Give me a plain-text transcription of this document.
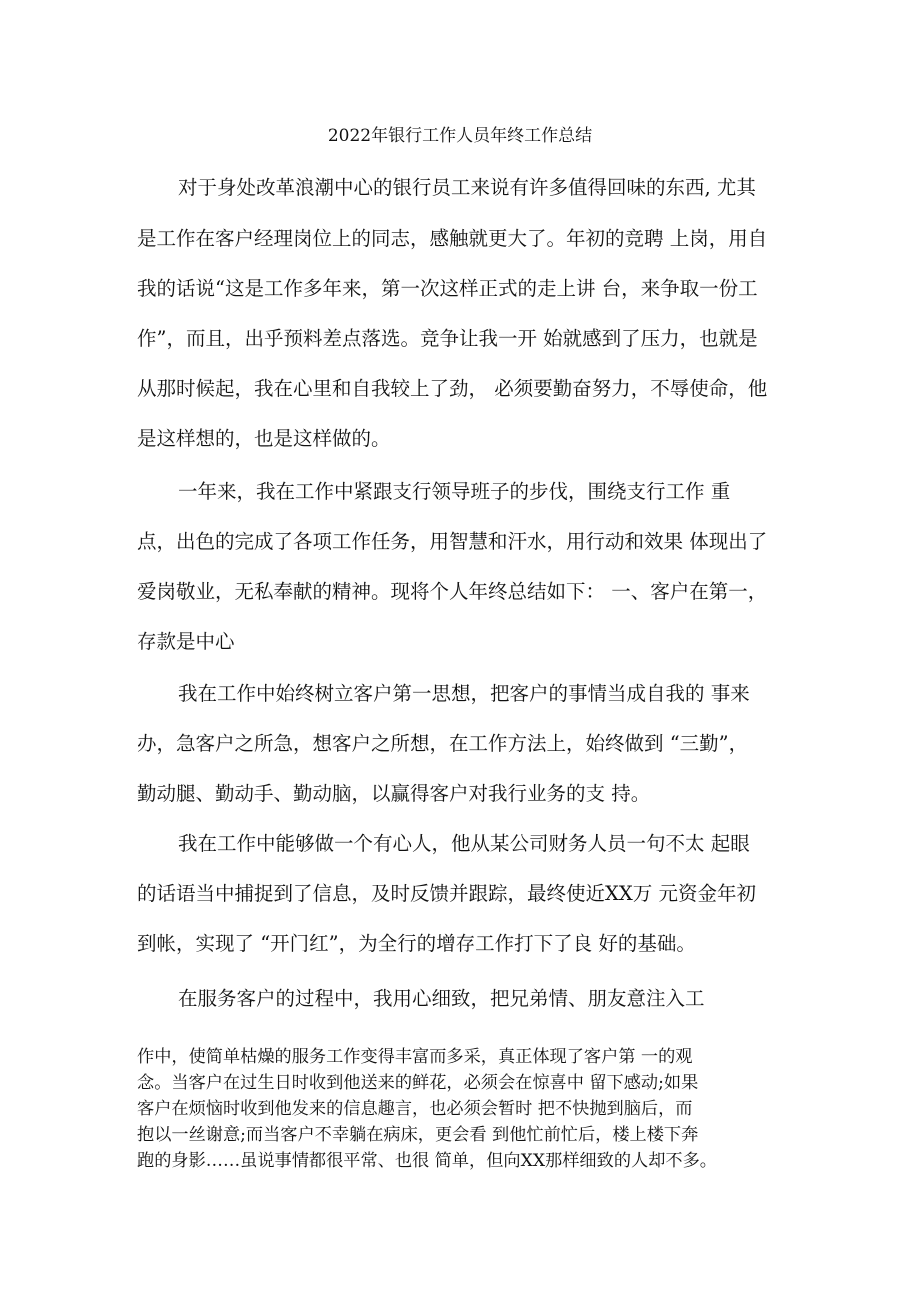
2022年银行工作人员年终工作总结
对于身处改革浪潮中心的银行员工来说有许多值得回味的东西, 尤其
是工作在客户经理岗位上的同志，感触就更大了。年初的竞聘 上岗，用自
我的话说“这是工作多年来，第一次这样正式的走上讲 台，来争取一份工
作”，而且，出乎预料差点落选。竞争让我一开 始就感到了压力，也就是
从那时候起，我在心里和自我较上了劲， 必须要勤奋努力，不辱使命，他
是这样想的，也是这样做的。
一年来，我在工作中紧跟支行领导班子的步伐，围绕支行工作 重
点，出色的完成了各项工作任务，用智慧和汗水，用行动和效果 体现出了
爱岗敬业，无私奉献的精神。现将个人年终总结如下： 一、客户在第一，
存款是中心
我在工作中始终树立客户第一思想，把客户的事情当成自我的 事来
办，急客户之所急，想客户之所想，在工作方法上，始终做到 “三勤”，
勤动腿、勤动手、勤动脑，以赢得客户对我行业务的支 持。
我在工作中能够做一个有心人，他从某公司财务人员一句不太 起眼
的话语当中捕捉到了信息，及时反馈并跟踪，最终使近XX万 元资金年初
到帐，实现了 “开门红”，为全行的增存工作打下了良 好的基础。
在服务客户的过程中，我用心细致，把兄弟情、朋友意注入工
作中，使简单枯燥的服务工作变得丰富而多采，真正体现了客户第 一的观
念。当客户在过生日时收到他送来的鲜花，必须会在惊喜中 留下感动;如果
客户在烦恼时收到他发来的信息趣言，也必须会暂时 把不快抛到脑后，而
抱以一丝谢意;而当客户不幸躺在病床，更会看 到他忙前忙后，楼上楼下奔
跑的身影……虽说事情都很平常、也很 简单，但向XX那样细致的人却不多。
